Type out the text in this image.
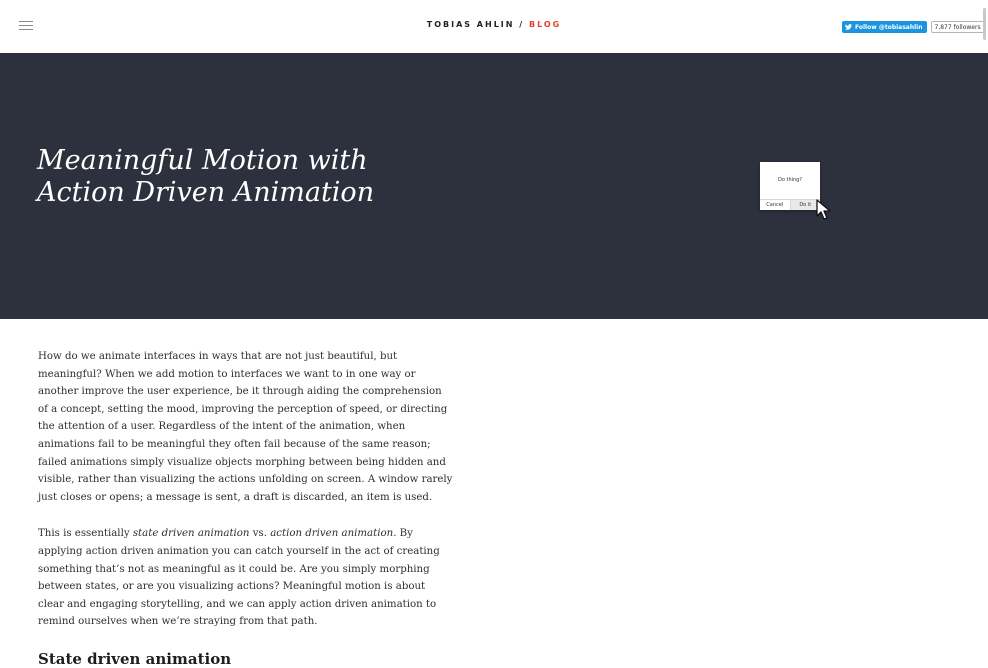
TOBIAS AHLIN / BLOG	Follow @tobiasahlin	7,877 followers
Meaningful Motion with Action Driven Animation	Do thing?
Cancel	Do it

How do we animate interfaces in ways that are not just beautiful, but meaningful? When we add motion to interfaces we want to in one way or another improve the user experience, be it through aiding the comprehension of a concept, setting the mood, improving the perception of speed, or directing the attention of a user. Regardless of the intent of the animation, when animations fail to be meaningful they often fail because of the same reason; failed animations simply visualize objects morphing between being hidden and visible, rather than visualizing the actions unfolding on screen. A window rarely just closes or opens; a message is sent, a draft is discarded, an item is used.

This is essentially state driven animation vs. action driven animation. By applying action driven animation you can catch yourself in the act of creating something that’s not as meaningful as it could be. Are you simply morphing between states, or are you visualizing actions? Meaningful motion is about clear and engaging storytelling, and we can apply action driven animation to remind ourselves when we’re straying from that path.

State driven animation
